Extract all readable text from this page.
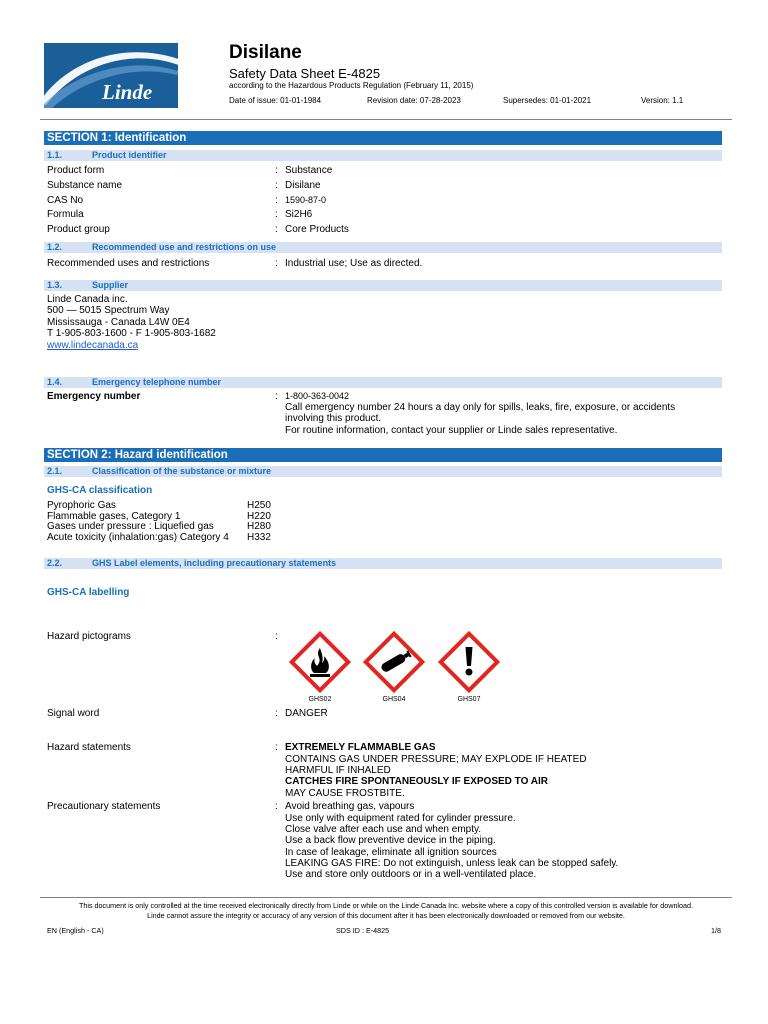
Linde
Disilane
Safety Data Sheet E-4825
according to the Hazardous Products Regulation (February 11, 2015)
Date of issue: 01-01-1984	Revision date: 07-28-2023	Supersedes: 01-01-2021	Version: 1.1
SECTION 1: Identification
1.1.	Product identifier
Product form	: Substance
Substance name	: Disilane
CAS No	: 1590-87-0
Formula	: Si2H6
Product group	: Core Products
1.2.	Recommended use and restrictions on use
Recommended uses and restrictions	: Industrial use; Use as directed.
1.3.	Supplier
Linde Canada inc.
500 — 5015 Spectrum Way
Mississauga - Canada L4W 0E4
T 1-905-803-1600 - F 1-905-803-1682
www.lindecanada.ca
1.4.	Emergency telephone number
Emergency number	: 1-800-363-0042
Call emergency number 24 hours a day only for spills, leaks, fire, exposure, or accidents
involving this product.
For routine information, contact your supplier or Linde sales representative.
SECTION 2: Hazard identification
2.1.	Classification of the substance or mixture
GHS-CA classification
Pyrophoric Gas	H250
Flammable gases, Category 1	H220
Gases under pressure : Liquefied gas	H280
Acute toxicity (inhalation:gas) Category 4 H332
2.2.	GHS Label elements, including precautionary statements
GHS-CA labelling
Hazard pictograms	:
GHS02	GHS04	GHS07
Signal word	: DANGER
Hazard statements	: EXTREMELY FLAMMABLE GAS
CONTAINS GAS UNDER PRESSURE; MAY EXPLODE IF HEATED
HARMFUL IF INHALED
CATCHES FIRE SPONTANEOUSLY IF EXPOSED TO AIR
MAY CAUSE FROSTBITE.
Precautionary statements	: Avoid breathing gas, vapours
Use only with equipment rated for cylinder pressure.
Close valve after each use and when empty.
Use a back flow preventive device in the piping.
In case of leakage, eliminate all ignition sources
LEAKING GAS FIRE: Do not extinguish, unless leak can be stopped safely.
Use and store only outdoors or in a well-ventilated place.
This document is only controlled at the time received electronically directly from Linde or while on the Linde Canada Inc. website where a copy of this controlled version is available for download.
Linde cannot assure the integrity or accuracy of any version of this document after it has been electronically downloaded or removed from our website.
EN (English - CA)	SDS ID : E-4825	1/8
